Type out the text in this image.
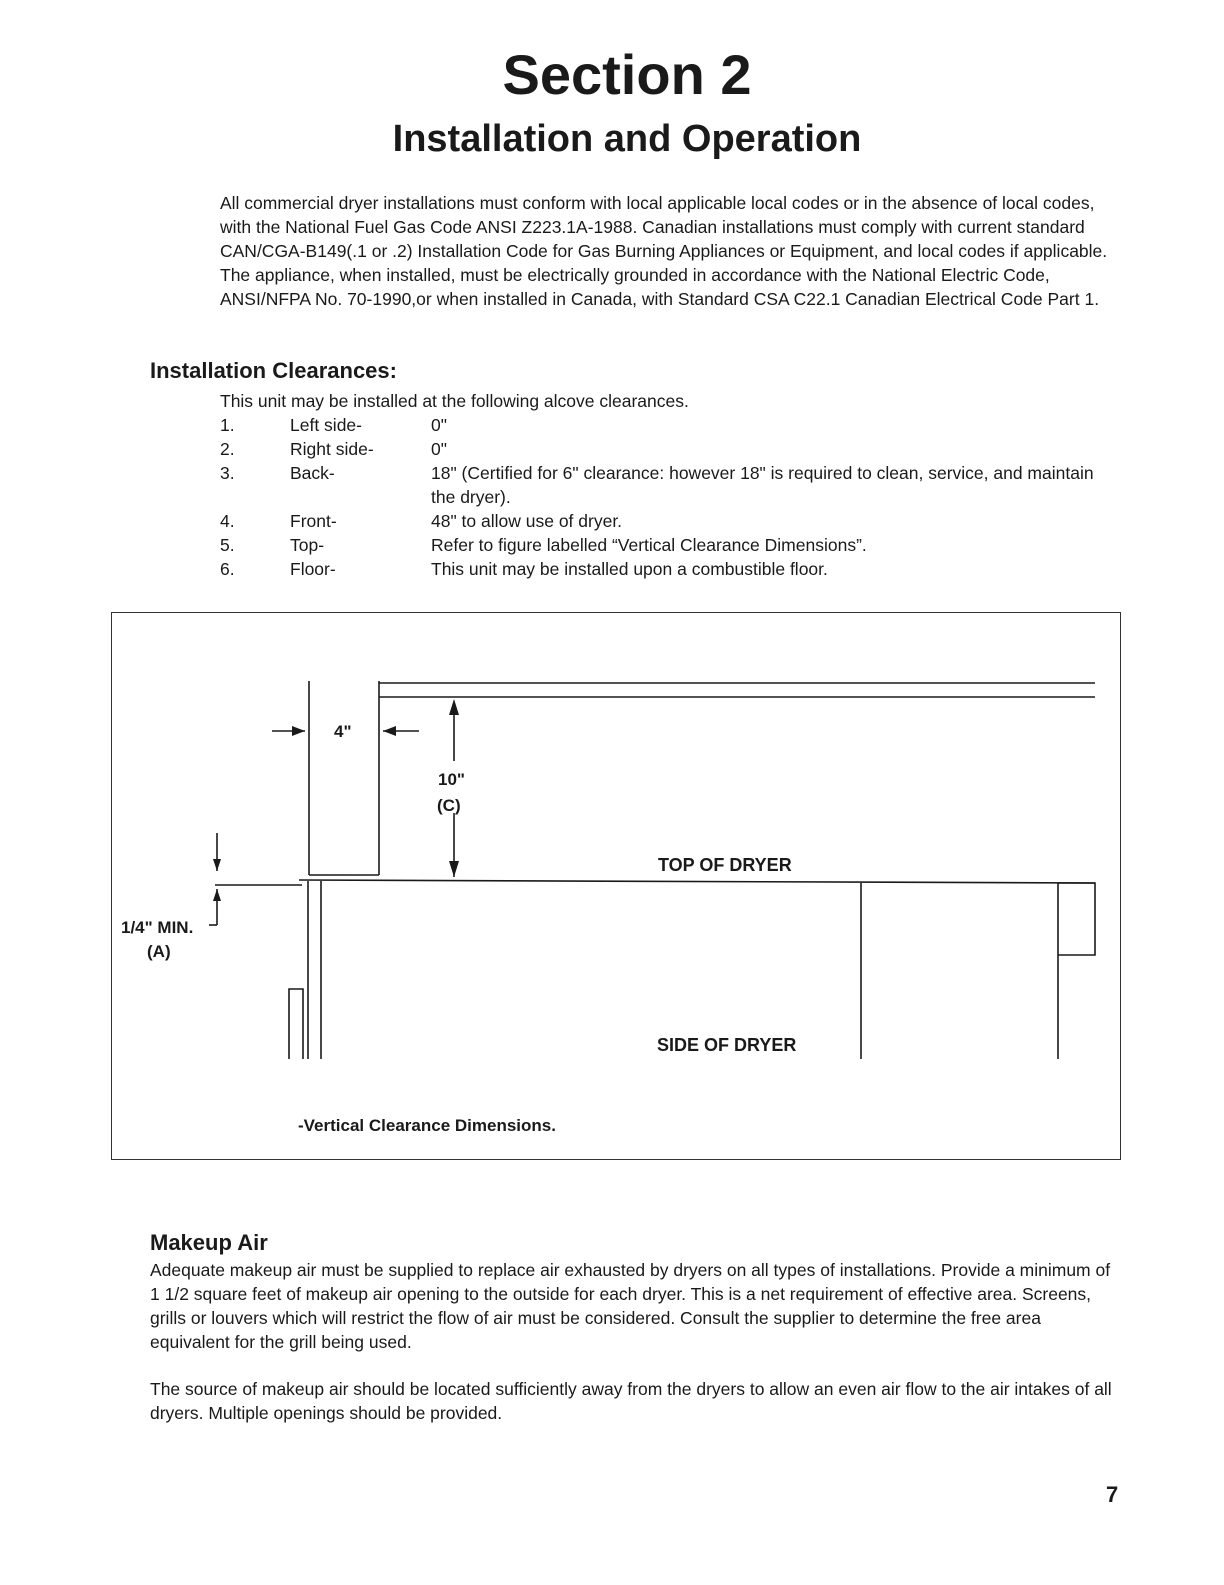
Section 2
Installation and Operation

All commercial dryer installations must conform with local applicable local codes or in the absence of local codes, with the National Fuel Gas Code ANSI Z223.1A-1988. Canadian installations must comply with current standard CAN/CGA-B149(.1 or .2) Installation Code for Gas Burning Appliances or Equipment, and local codes if applicable. The appliance, when installed, must be electrically grounded in accordance with the National Electric Code, ANSI/NFPA No. 70-1990,or when installed in Canada, with Standard CSA C22.1 Canadian Electrical Code Part 1.

Installation Clearances:

This unit may be installed at the following alcove clearances.

1.	Left side-	0"
2.	Right side-	0"
3.	Back-	18" (Certified for 6" clearance: however 18" is required to clean, service, and maintain the dryer).
4.	Front-	48" to allow use of dryer.
5.	Top-	Refer to figure labelled “Vertical Clearance Dimensions”.
6.	Floor-	This unit may be installed upon a combustible floor.
4"
10"
(C)
1/4" MIN.
(A)
TOP OF DRYER
SIDE OF DRYER
-Vertical Clearance Dimensions.
Makeup Air

Adequate makeup air must be supplied to replace air exhausted by dryers on all types of installations. Provide a minimum of 1 1/2 square feet of makeup air opening to the outside for each dryer. This is a net requirement of effective area. Screens, grills or louvers which will restrict the flow of air must be considered. Consult the supplier to determine the free area equivalent for the grill being used.

The source of makeup air should be located sufficiently away from the dryers to allow an even air flow to the air intakes of all dryers. Multiple openings should be provided.

7
